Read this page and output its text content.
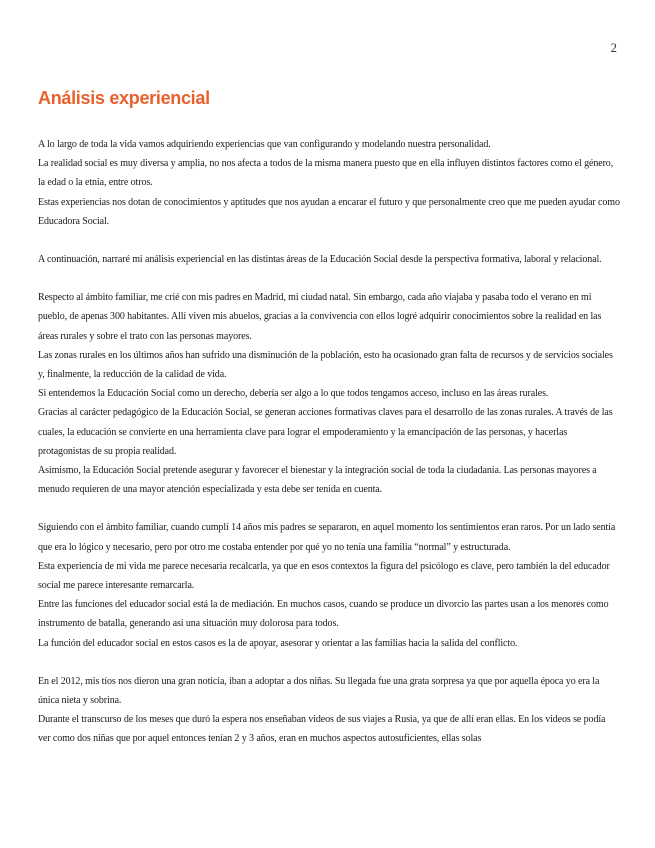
2
Análisis experiencial

A lo largo de toda la vida vamos adquiriendo experiencias que van configurando y modelando nuestra personalidad.

La realidad social es muy diversa y amplia, no nos afecta a todos de la misma manera puesto que en ella influyen distintos factores como el género, la edad o la etnia, entre otros.

Estas experiencias nos dotan de conocimientos y aptitudes que nos ayudan a encarar el futuro y que personalmente creo que me pueden ayudar como Educadora Social.

A continuación, narraré mi análisis experiencial en las distintas áreas de la Educación Social desde la perspectiva formativa, laboral y relacional.

Respecto al ámbito familiar, me crié con mis padres en Madrid, mi ciudad natal. Sin embargo, cada año viajaba y pasaba todo el verano en mi pueblo, de apenas 300 habitantes. Allí viven mis abuelos, gracias a la convivencia con ellos logré adquirir conocimientos sobre la realidad en las áreas rurales y sobre el trato con las personas mayores.

Las zonas rurales en los últimos años han sufrido una disminución de la población, esto ha ocasionado gran falta de recursos y de servicios sociales y, finalmente, la reducción de la calidad de vida.

Si entendemos la Educación Social como un derecho, debería ser algo a lo que todos tengamos acceso, incluso en las áreas rurales.

Gracias al carácter pedagógico de la Educación Social, se generan acciones formativas claves para el desarrollo de las zonas rurales. A través de las cuales, la educación se convierte en una herramienta clave para lograr el empoderamiento y la emancipación de las personas, y hacerlas protagonistas de su propia realidad.

Asimismo, la Educación Social pretende asegurar y favorecer el bienestar y la integración social de toda la ciudadanía. Las personas mayores a menudo requieren de una mayor atención especializada y esta debe ser tenida en cuenta.

Siguiendo con el ámbito familiar, cuando cumplí 14 años mis padres se separaron, en aquel momento los sentimientos eran raros. Por un lado sentía que era lo lógico y necesario, pero por otro me costaba entender por qué yo no tenía una familia “normal” y estructurada.

Esta experiencia de mi vida me parece necesaria recalcarla, ya que en esos contextos la figura del psicólogo es clave, pero también la del educador social me parece interesante remarcarla.

Entre las funciones del educador social está la de mediación. En muchos casos, cuando se produce un divorcio las partes usan a los menores como instrumento de batalla, generando así una situación muy dolorosa para todos.

La función del educador social en estos casos es la de apoyar, asesorar y orientar a las familias hacia la salida del conflicto.

En el 2012, mis tíos nos dieron una gran noticia, iban a adoptar a dos niñas. Su llegada fue una grata sorpresa ya que por aquella época yo era la única nieta y sobrina.

Durante el transcurso de los meses que duró la espera nos enseñaban videos de sus viajes a Rusia, ya que de allí eran ellas. En los videos se podía ver como dos niñas que por aquel entonces tenían 2 y 3 años, eran en muchos aspectos autosuficientes, ellas solas
